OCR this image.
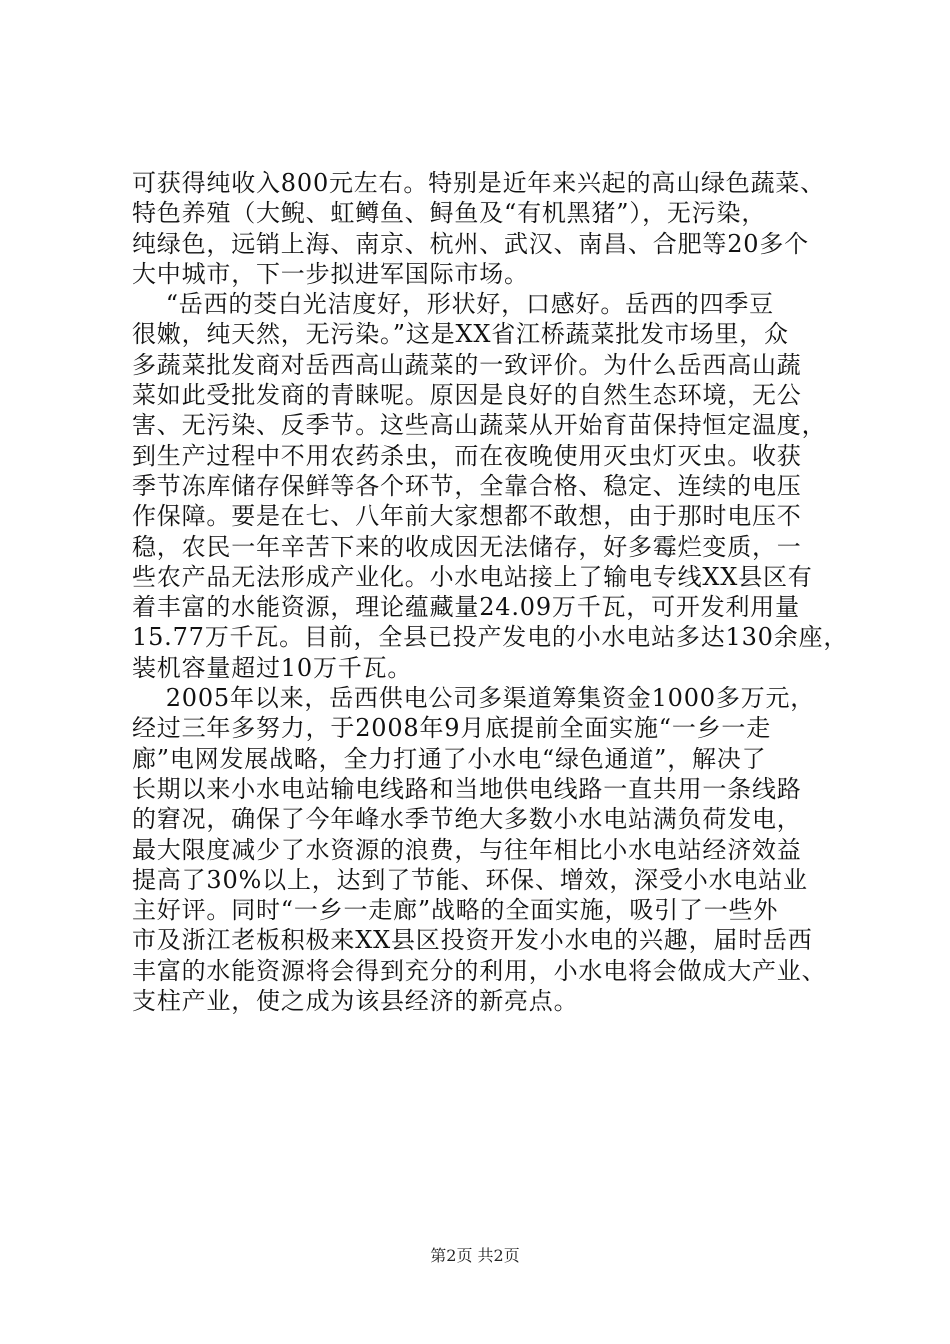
可获得纯收入800元左右。特别是近年来兴起的高山绿色蔬菜、
特色养殖（大鲵、虹鳟鱼、鲟鱼及“有机黑猪”），无污染，
纯绿色，远销上海、南京、杭州、武汉、南昌、合肥等20多个
大中城市，下一步拟进军国际市场。
“岳西的茭白光洁度好，形状好，口感好。岳西的四季豆
很嫩，纯天然，无污染。”这是XX省江桥蔬菜批发市场里，众
多蔬菜批发商对岳西高山蔬菜的一致评价。为什么岳西高山蔬
菜如此受批发商的青睐呢。原因是良好的自然生态环境，无公
害、无污染、反季节。这些高山蔬菜从开始育苗保持恒定温度，
到生产过程中不用农药杀虫，而在夜晚使用灭虫灯灭虫。收获
季节冻库储存保鲜等各个环节，全靠合格、稳定、连续的电压
作保障。要是在七、八年前大家想都不敢想，由于那时电压不
稳，农民一年辛苦下来的收成因无法储存，好多霉烂变质，一
些农产品无法形成产业化。小水电站接上了输电专线XX县区有
着丰富的水能资源，理论蕴藏量24.09万千瓦，可开发利用量
15.77万千瓦。目前，全县已投产发电的小水电站多达130余座，
装机容量超过10万千瓦。
2005年以来，岳西供电公司多渠道筹集资金1000多万元，
经过三年多努力，于2008年9月底提前全面实施“一乡一走
廊”电网发展战略，全力打通了小水电“绿色通道”，解决了
长期以来小水电站输电线路和当地供电线路一直共用一条线路
的窘况，确保了今年峰水季节绝大多数小水电站满负荷发电，
最大限度减少了水资源的浪费，与往年相比小水电站经济效益
提高了30%以上，达到了节能、环保、增效，深受小水电站业
主好评。同时“一乡一走廊”战略的全面实施，吸引了一些外
市及浙江老板积极来XX县区投资开发小水电的兴趣，届时岳西
丰富的水能资源将会得到充分的利用，小水电将会做成大产业、
支柱产业，使之成为该县经济的新亮点。
第2页 共2页
